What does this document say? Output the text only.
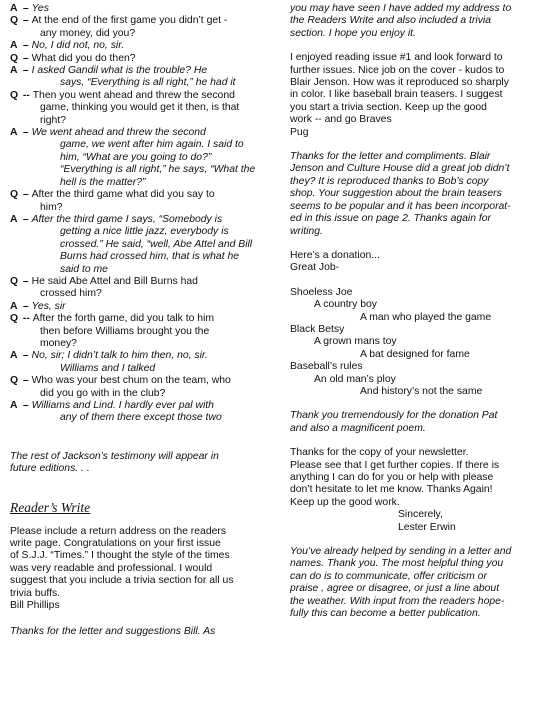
A – Yes

Q – At the end of the first game you didn’t get -

any money, did you?

A – No, I did not, no, sir.

Q – What did you do then?

A – I asked Gandil what is the trouble? He

says, “Everything is all right,” he had it

Q -- Then you went ahead and threw the second

game, thinking you would get it then, is that

right?

A – We went ahead and threw the second

game, we went after him again. I said to

him, “What are you going to do?”

“Everything is all right,” he says, “What the

hell is the matter?”

Q – After the third game what did you say to

him?

A – After the third game I says, “Somebody is

getting a nice little jazz, everybody is

crossed.” He said, “well, Abe Attel and Bill

Burns had crossed him, that is what he

said to me

Q – He said Abe Attel and Bill Burns had

crossed him?

A – Yes, sir

Q -- After the forth game, did you talk to him

then before Williams brought you the

money?

A – No, sir; I didn’t talk to him then, no, sir.

Williams and I talked

Q – Who was your best chum on the team, who

did you go with in the club?

A – Williams and Lind. I hardly ever pal with

any of them there except those two

The rest of Jackson’s testimony will appear in

future editions. . .

Reader’s Write

Please include a return address on the readers

write page. Congratulations on your first issue

of S.J.J. “Times.” I thought the style of the times

was very readable and professional. I would

suggest that you include a trivia section for all us

trivia buffs.

Bill Phillips

Thanks for the letter and suggestions Bill. As

you may have seen I have added my address to

the Readers Write and also included a trivia

section. I hope you enjoy it.

I enjoyed reading issue #1 and look forward to

further issues. Nice job on the cover - kudos to

Blair Jenson. How was it reproduced so sharply

in color. I like baseball brain teasers. I suggest

you start a trivia section. Keep up the good

work -- and go Braves

Pug

Thanks for the letter and compliments. Blair

Jenson and Culture House did a great job didn’t

they? It is reproduced thanks to Bob’s copy

shop. Your suggestion about the brain teasers

seems to be popular and it has been incorporat-

ed in this issue on page 2. Thanks again for

writing.

Here’s a donation...

Great Job-

Shoeless Joe

A country boy

A man who played the game

Black Betsy

A grown mans toy

A bat designed for fame

Baseball’s rules

An old man’s ploy

And history’s not the same

Thank you tremendously for the donation Pat

and also a magnificent poem.

Thanks for the copy of your newsletter.

Please see that I get further copies. If there is

anything I can do for you or help with please

don’t hesitate to let me know. Thanks Again!

Keep up the good work.

Sincerely,

Lester Erwin

You’ve already helped by sending in a letter and

names. Thank you. The most helpful thing you

can do is to communicate, offer criticism or

praise , agree or disagree, or just a line about

the weather. With input from the readers hope-

fully this can become a better publication.
